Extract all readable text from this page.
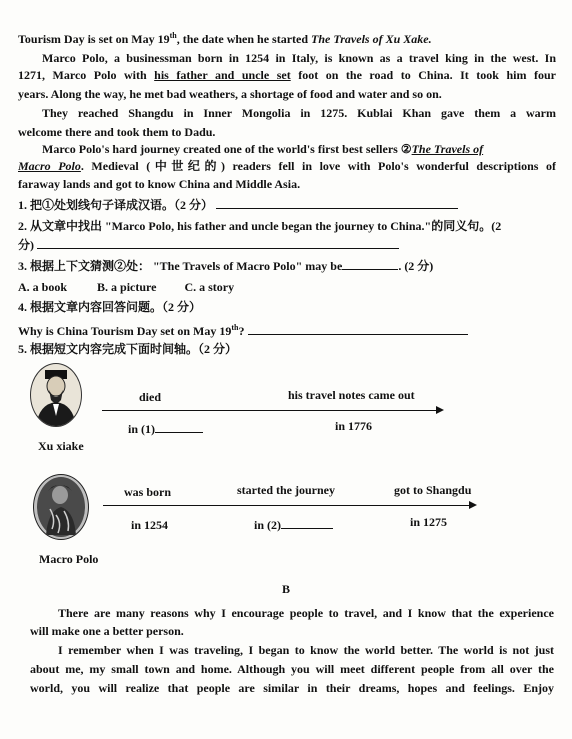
Tourism Day is set on May 19th, the date when he started The Travels of Xu Xake.
Marco Polo, a businessman born in 1254 in Italy, is known as a travel king in the west. In
1271, Marco Polo with his father and uncle set foot on the road to China. It took him four
years. Along the way, he met bad weathers, a shortage of food and water and so on.
They reached Shangdu in Inner Mongolia in 1275. Kublai Khan gave them a warm
welcome there and took them to Dadu.
Marco Polo's hard journey created one of the world's first best sellers ②The Travels of
Macro Polo. Medieval (中世纪的) readers fell in love with Polo's wonderful descriptions of
faraway lands and got to know China and Middle Asia.
1. 把①处划线句子译成汉语。（2 分）
2. 从文章中找出 "Marco Polo, his father and uncle began the journey to China."的同义句。(2
分)
3. 根据上下文猜测②处： "The Travels of Macro Polo" may be	. (2 分)
A. a book	B. a picture C. a story
4. 根据文章内容回答问题。（2 分）
Why is China Tourism Day set on May 19th?
5. 根据短文内容完成下面时间轴。（2 分）
Xu xiake
died	his travel notes came out
in (1)	in 1776
Macro Polo
was born	started the journey	got to Shangdu
in 1254	in (2)	in 1275
B
There are many reasons why I encourage people to travel, and I know that the experience
will make one a better person.
I remember when I was traveling, I began to know the world better. The world is not just
about me, my small town and home. Although you will meet different people from all over the
world, you will realize that people are similar in their dreams, hopes and feelings. Enjoy
